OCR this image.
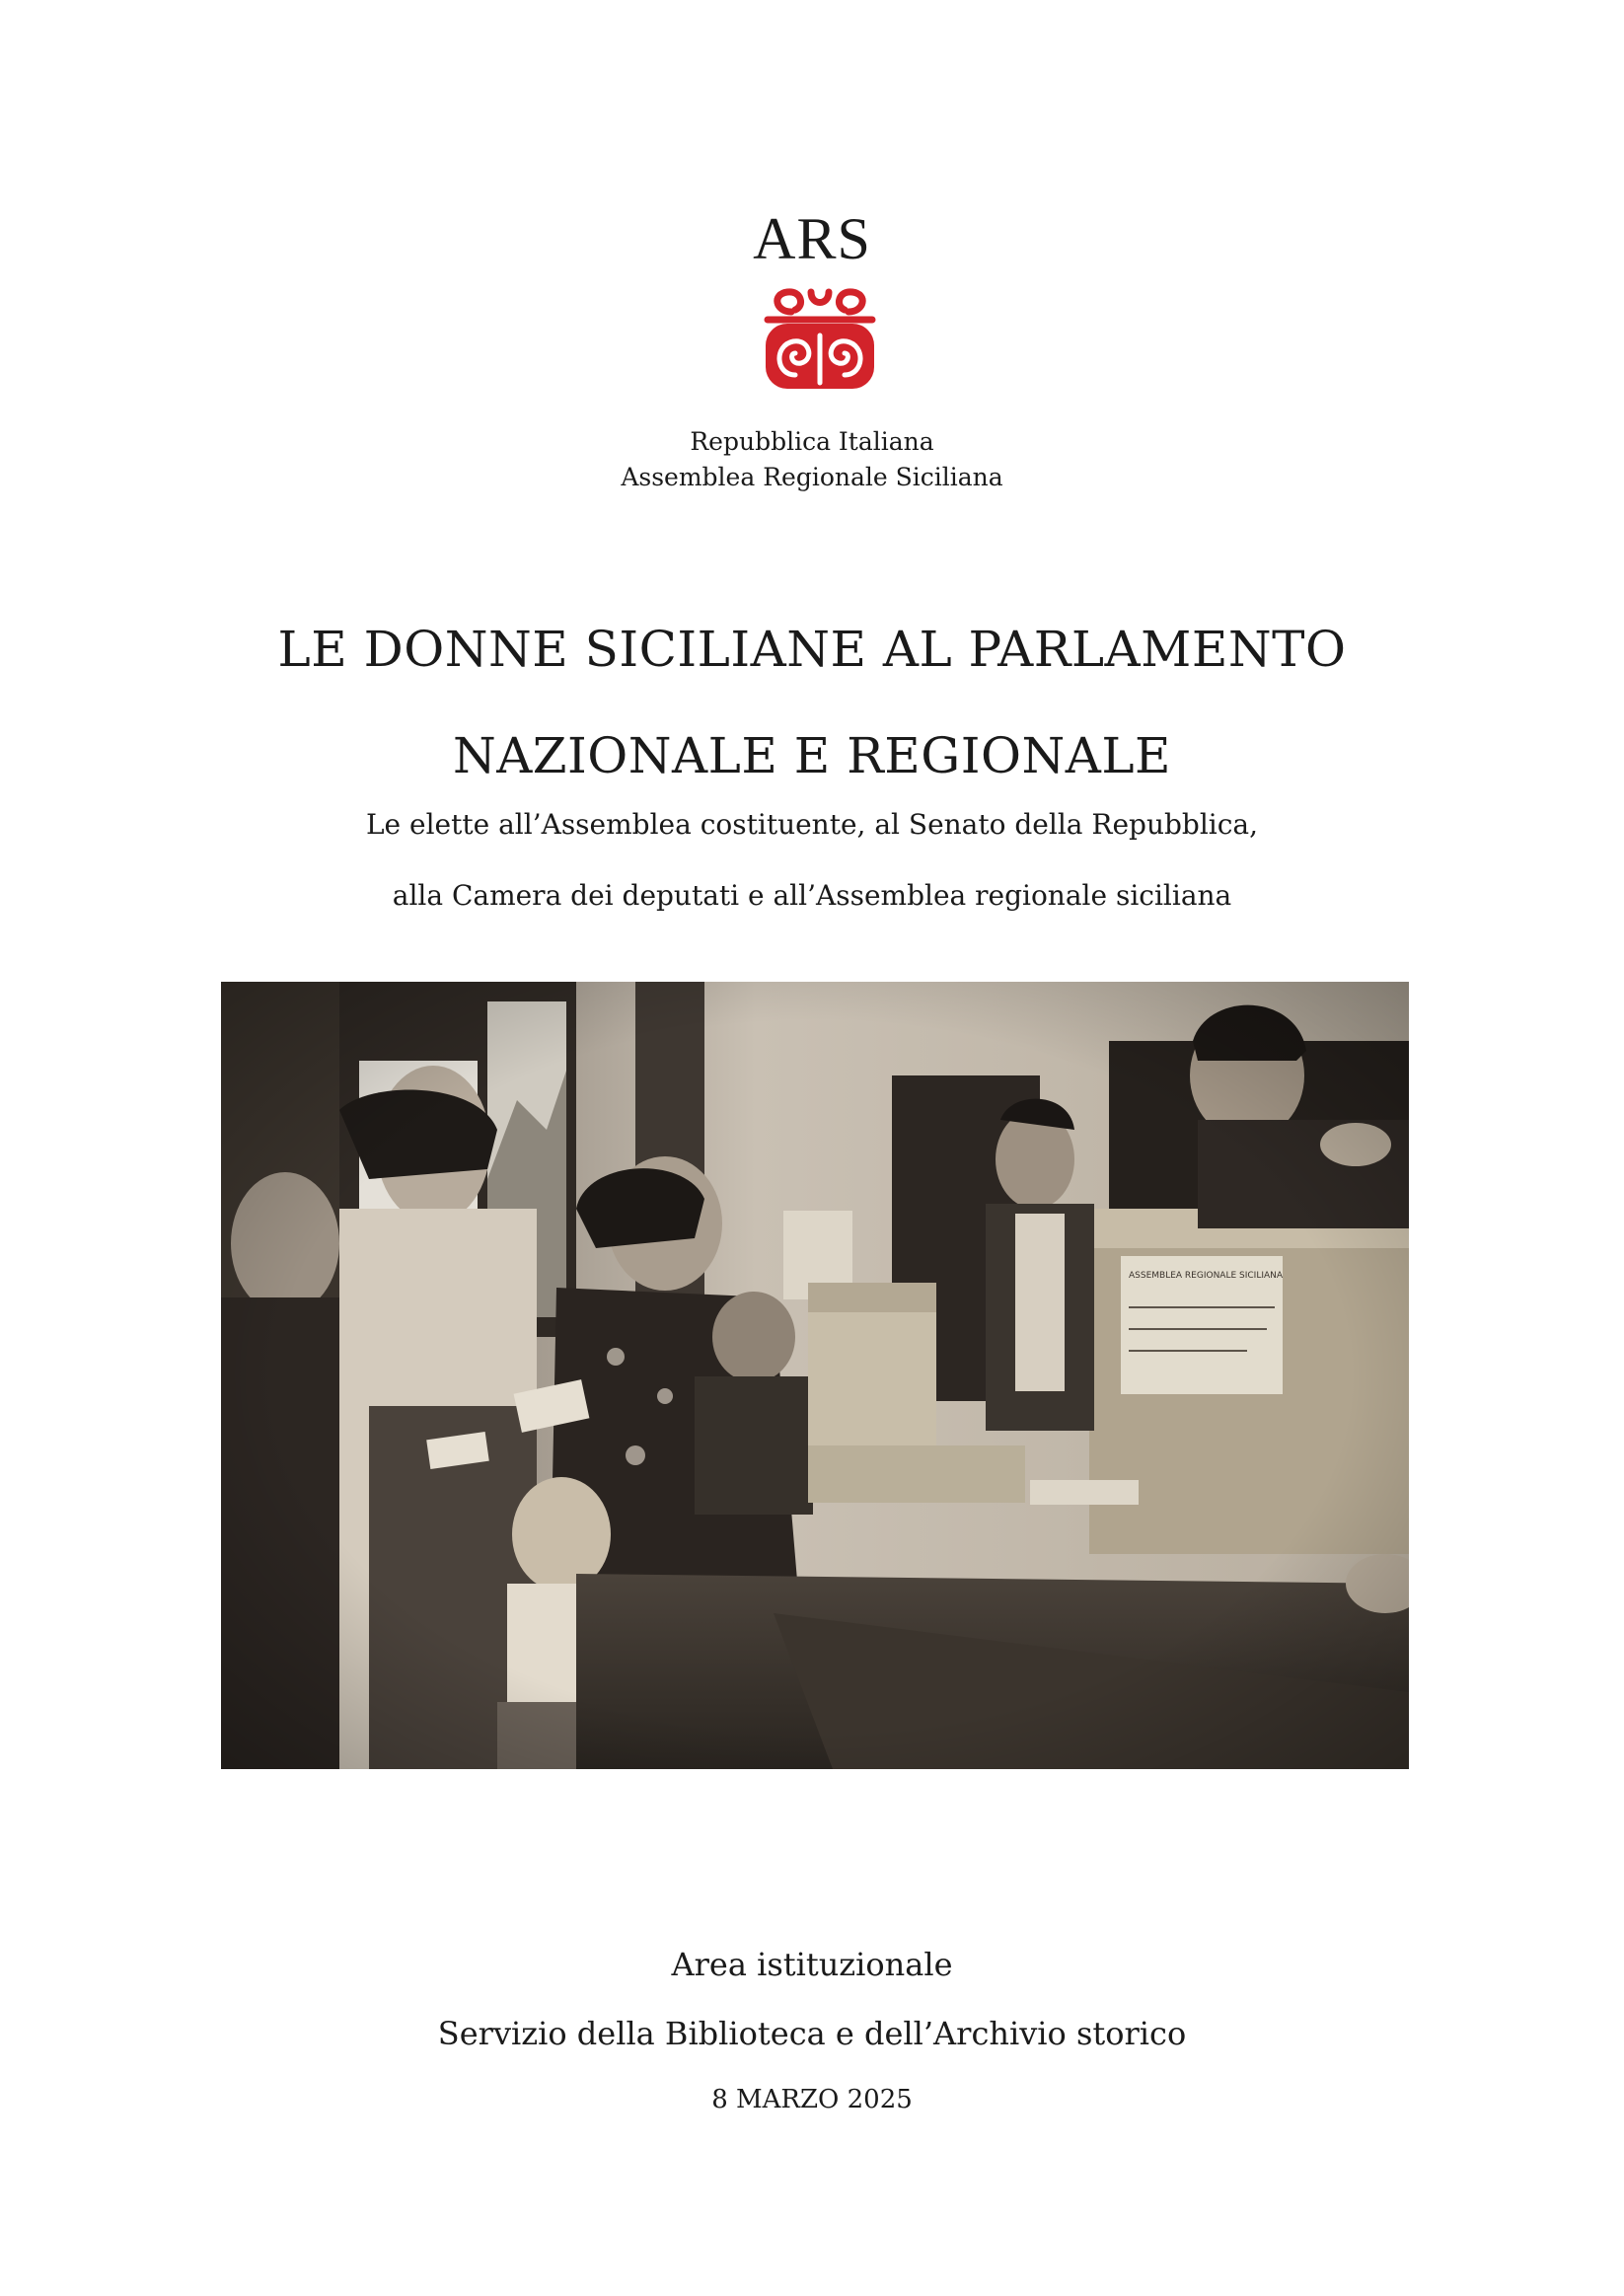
ARS
Repubblica Italiana
Assemblea Regionale Siciliana
LE DONNE SICILIANE AL PARLAMENTO
NAZIONALE E REGIONALE
Le elette all’Assemblea costituente, al Senato della Repubblica,
alla Camera dei deputati e all’Assemblea regionale siciliana
Area istituzionale
Servizio della Biblioteca e dell’Archivio storico
8 MARZO 2025
